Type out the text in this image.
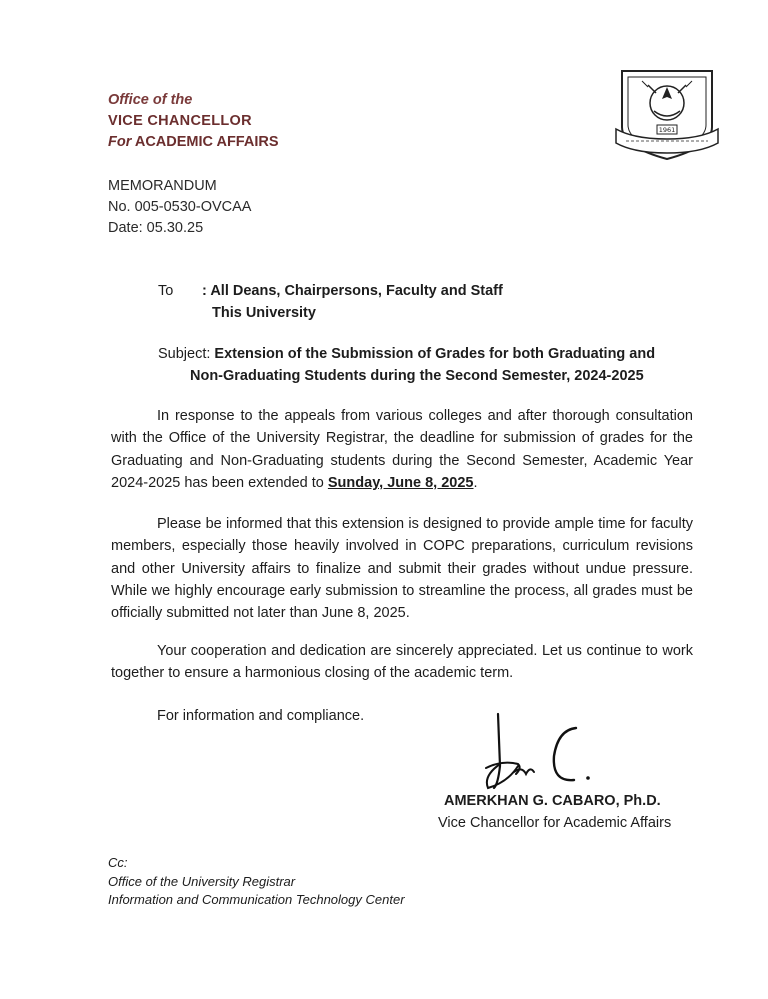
Office of the
VICE CHANCELLOR
For ACADEMIC AFFAIRS
1961
MEMORANDUM
No. 005-0530-OVCAA
Date: 05.30.25
To : All Deans, Chairpersons, Faculty and Staff
This University
Subject: Extension of the Submission of Grades for both Graduating and
Non-Graduating Students during the Second Semester, 2024-2025

In response to the appeals from various colleges and after thorough consultation with the Office of the University Registrar, the deadline for submission of grades for the Graduating and Non-Graduating students during the Second Semester, Academic Year 2024-2025 has been extended to Sunday, June 8, 2025.

Please be informed that this extension is designed to provide ample time for faculty members, especially those heavily involved in COPC preparations, curriculum revisions and other University affairs to finalize and submit their grades without undue pressure. While we highly encourage early submission to streamline the process, all grades must be officially submitted not later than June 8, 2025.

Your cooperation and dedication are sincerely appreciated. Let us continue to work together to ensure a harmonious closing of the academic term.

For information and compliance.
AMERKHAN G. CABARO, Ph.D.
Vice Chancellor for Academic Affairs
Cc:
Office of the University Registrar
Information and Communication Technology Center
